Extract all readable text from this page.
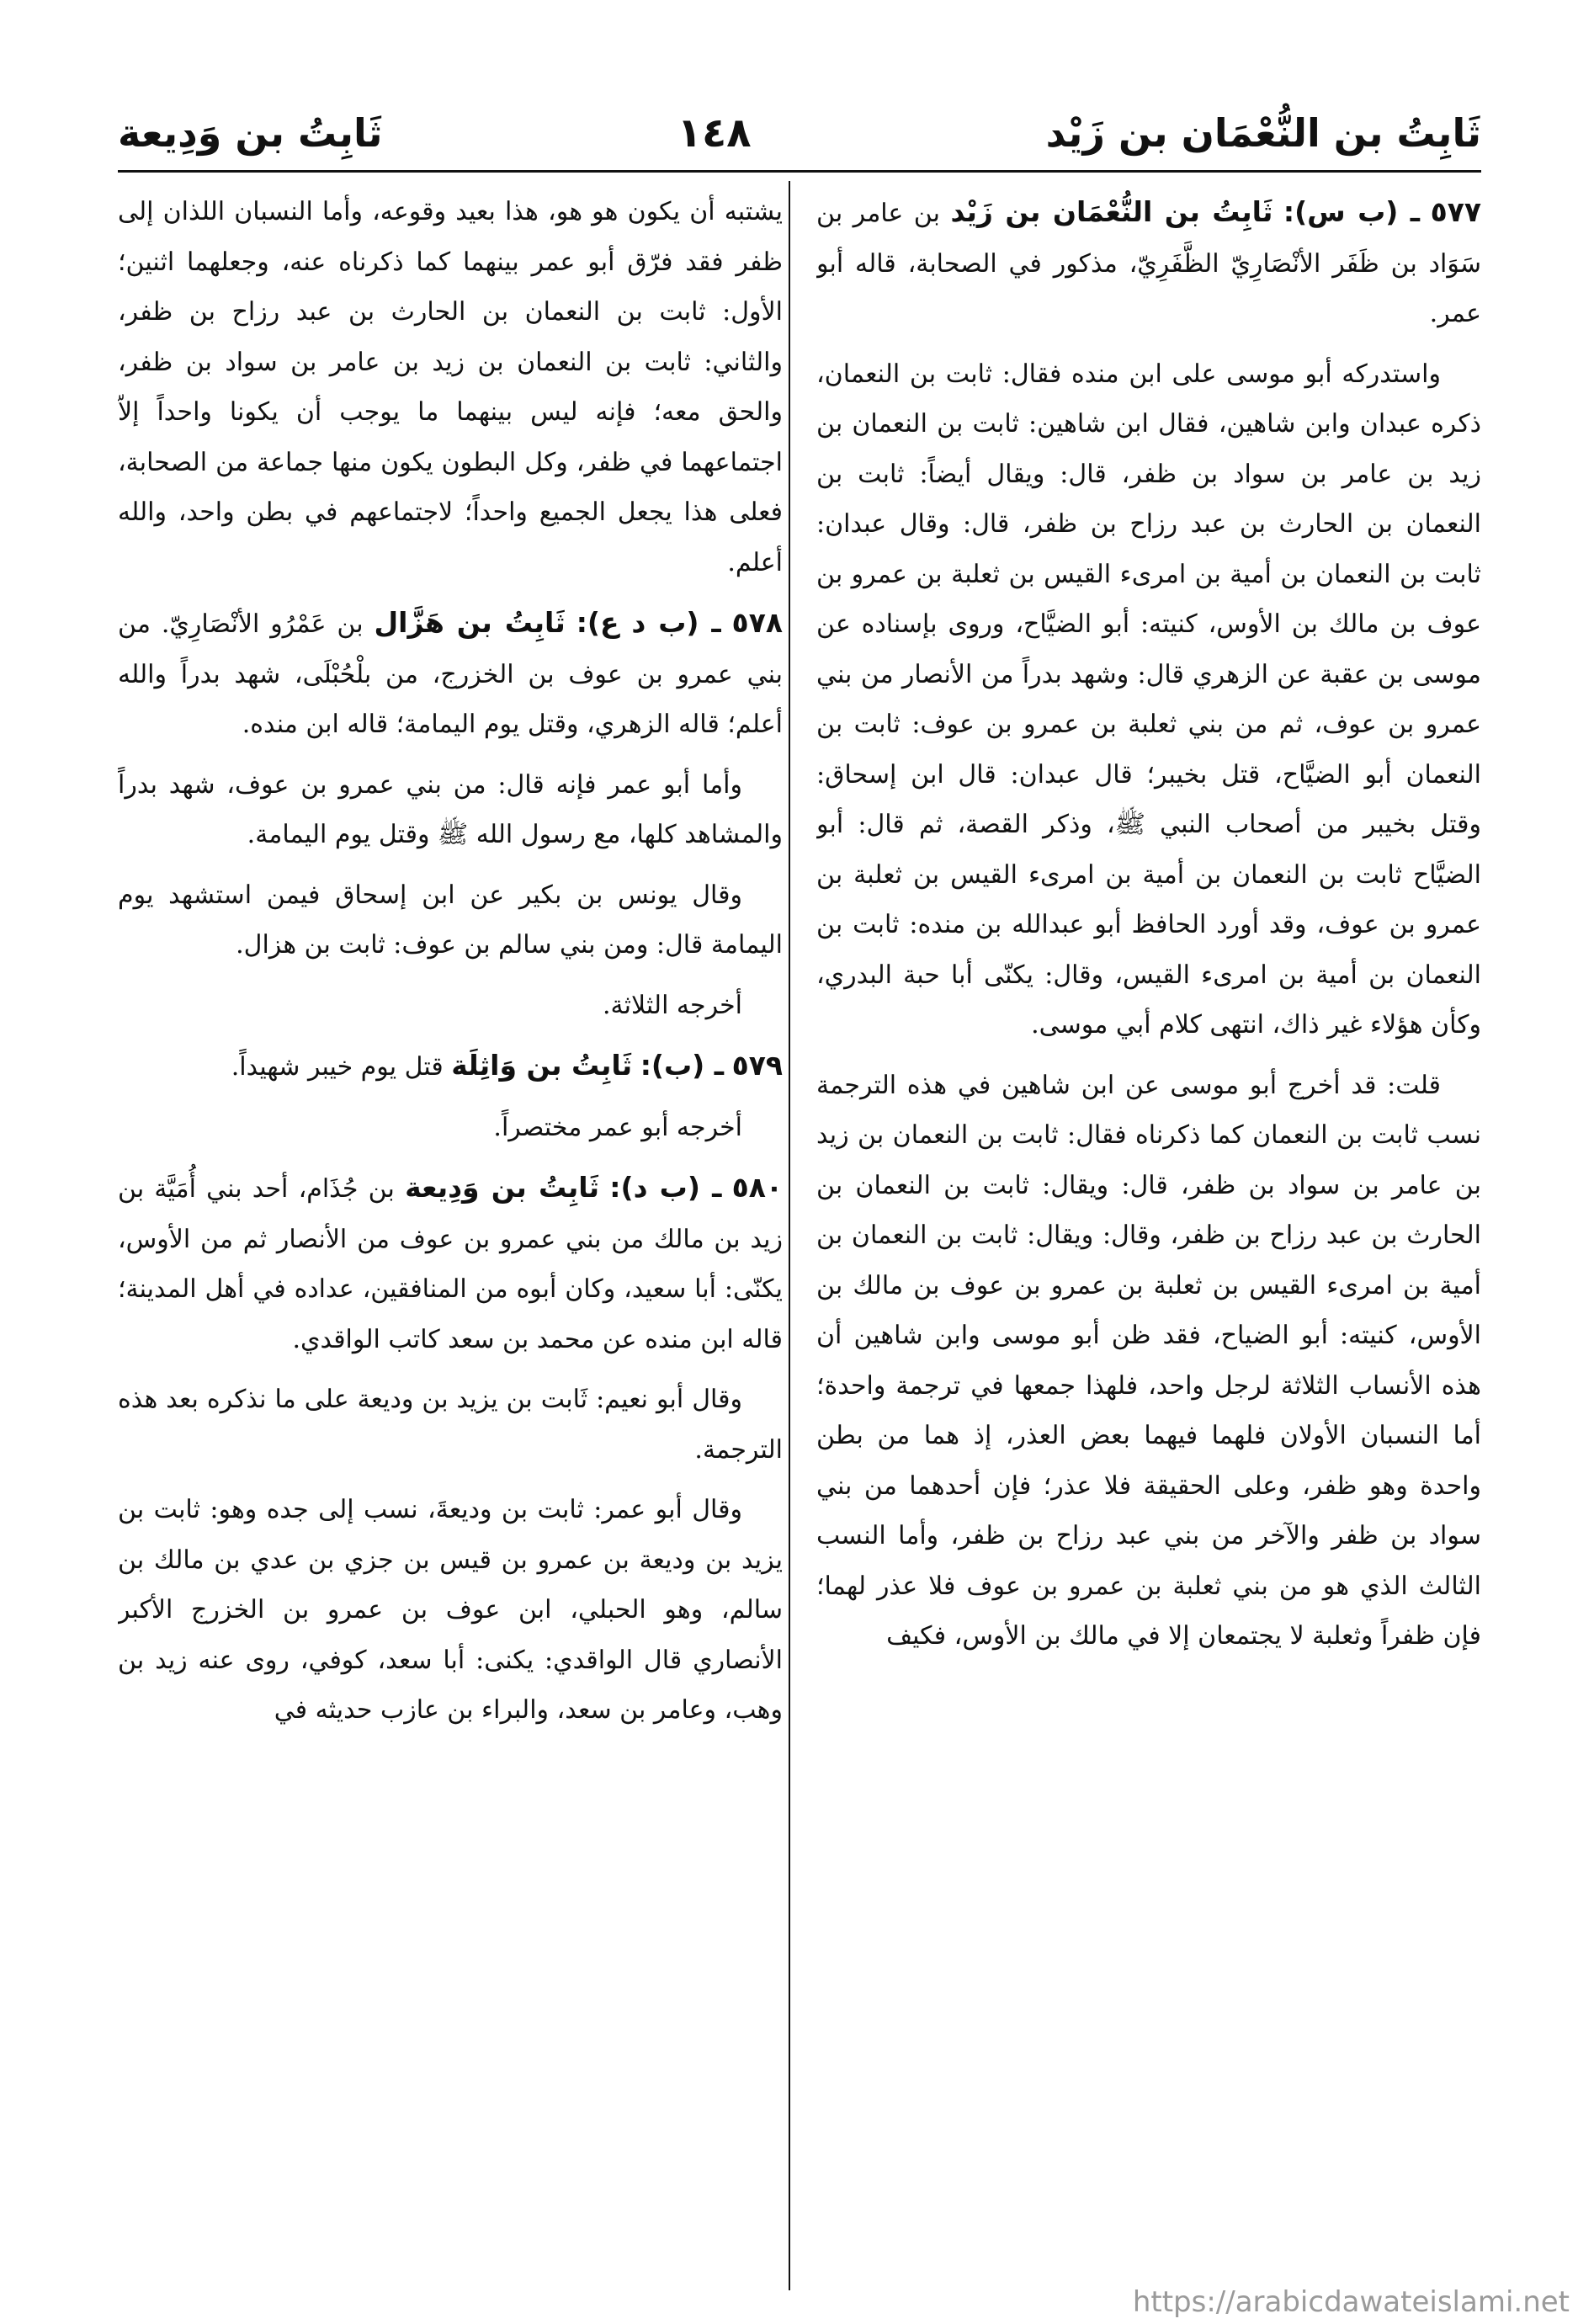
ثَابِتُ بن النُّعْمَان بن زَيْد
١٤٨
ثَابِتُ بن وَدِيعة

٥٧٧ ـ (ب س): ثَابِتُ بن النُّعْمَان بن زَيْد بن عامر بن سَوَاد بن ظَفَر الأنْصَارِيّ الظَّفَرِيّ، مذكور في الصحابة، قاله أبو عمر.

واستدركه أبو موسى على ابن منده فقال: ثابت بن النعمان، ذكره عبدان وابن شاهين، فقال ابن شاهين: ثابت بن النعمان بن زيد بن عامر بن سواد بن ظفر، قال: ويقال أيضاً: ثابت بن النعمان بن الحارث بن عبد رزاح بن ظفر، قال: وقال عبدان: ثابت بن النعمان بن أمية بن امرىء القيس بن ثعلبة بن عمرو بن عوف بن مالك بن الأوس، كنيته: أبو الضيَّاح، وروى بإسناده عن موسى بن عقبة عن الزهري قال: وشهد بدراً من الأنصار من بني عمرو بن عوف، ثم من بني ثعلبة بن عمرو بن عوف: ثابت بن النعمان أبو الضيَّاح، قتل بخيبر؛ قال عبدان: قال ابن إسحاق: وقتل بخيبر من أصحاب النبي ﷺ، وذكر القصة، ثم قال: أبو الضيَّاح ثابت بن النعمان بن أمية بن امرىء القيس بن ثعلبة بن عمرو بن عوف، وقد أورد الحافظ أبو عبدالله بن منده: ثابت بن النعمان بن أمية بن امرىء القيس، وقال: يكنّى أبا حبة البدري، وكأن هؤلاء غير ذاك، انتهى كلام أبي موسى.

قلت: قد أخرج أبو موسى عن ابن شاهين في هذه الترجمة نسب ثابت بن النعمان كما ذكرناه فقال: ثابت بن النعمان بن زيد بن عامر بن سواد بن ظفر، قال: ويقال: ثابت بن النعمان بن الحارث بن عبد رزاح بن ظفر، وقال: ويقال: ثابت بن النعمان بن أمية بن امرىء القيس بن ثعلبة بن عمرو بن عوف بن مالك بن الأوس، كنيته: أبو الضياح، فقد ظن أبو موسى وابن شاهين أن هذه الأنساب الثلاثة لرجل واحد، فلهذا جمعها في ترجمة واحدة؛ أما النسبان الأولان فلهما فيهما بعض العذر، إذ هما من بطن واحدة وهو ظفر، وعلى الحقيقة فلا عذر؛ فإن أحدهما من بني سواد بن ظفر والآخر من بني عبد رزاح بن ظفر، وأما النسب الثالث الذي هو من بني ثعلبة بن عمرو بن عوف فلا عذر لهما؛ فإن ظفراً وثعلبة لا يجتمعان إلا في مالك بن الأوس، فكيف

يشتبه أن يكون هو هو، هذا بعيد وقوعه، وأما النسبان اللذان إلى ظفر فقد فرّق أبو عمر بينهما كما ذكرناه عنه، وجعلهما اثنين؛ الأول: ثابت بن النعمان بن الحارث بن عبد رزاح بن ظفر، والثاني: ثابت بن النعمان بن زيد بن عامر بن سواد بن ظفر، والحق معه؛ فإنه ليس بينهما ما يوجب أن يكونا واحداً إلاّ اجتماعهما في ظفر، وكل البطون يكون منها جماعة من الصحابة، فعلى هذا يجعل الجميع واحداً؛ لاجتماعهم في بطن واحد، والله أعلم.

٥٧٨ ـ (ب د ع): ثَابِتُ بن هَزَّال بن عَمْرُو الأنْصَارِيّ. من بني عمرو بن عوف بن الخزرج، من بلْحُبْلَى، شهد بدراً والله أعلم؛ قاله الزهري، وقتل يوم اليمامة؛ قاله ابن منده.

وأما أبو عمر فإنه قال: من بني عمرو بن عوف، شهد بدراً والمشاهد كلها، مع رسول الله ﷺ وقتل يوم اليمامة.

وقال يونس بن بكير عن ابن إسحاق فيمن استشهد يوم اليمامة قال: ومن بني سالم بن عوف: ثابت بن هزال.

أخرجه الثلاثة.

٥٧٩ ـ (ب): ثَابِتُ بن وَاثِلَة قتل يوم خيبر شهيداً.

أخرجه أبو عمر مختصراً.

٥٨٠ ـ (ب د): ثَابِتُ بن وَدِيعة بن جُذَام، أحد بني أُمَيَّة بن زيد بن مالك من بني عمرو بن عوف من الأنصار ثم من الأوس، يكنّى: أبا سعيد، وكان أبوه من المنافقين، عداده في أهل المدينة؛ قاله ابن منده عن محمد بن سعد كاتب الواقدي.

وقال أبو نعيم: ثَابت بن يزيد بن وديعة على ما نذكره بعد هذه الترجمة.

وقال أبو عمر: ثابت بن وديعةَ، نسب إلى جده وهو: ثابت بن يزيد بن وديعة بن عمرو بن قيس بن جزي بن عدي بن مالك بن سالم، وهو الحبلي، ابن عوف بن عمرو بن الخزرج الأكبر الأنصاري قال الواقدي: يكنى: أبا سعد، كوفي، روى عنه زيد بن وهب، وعامر بن سعد، والبراء بن عازب حديثه في

https://arabicdawateislami.net
